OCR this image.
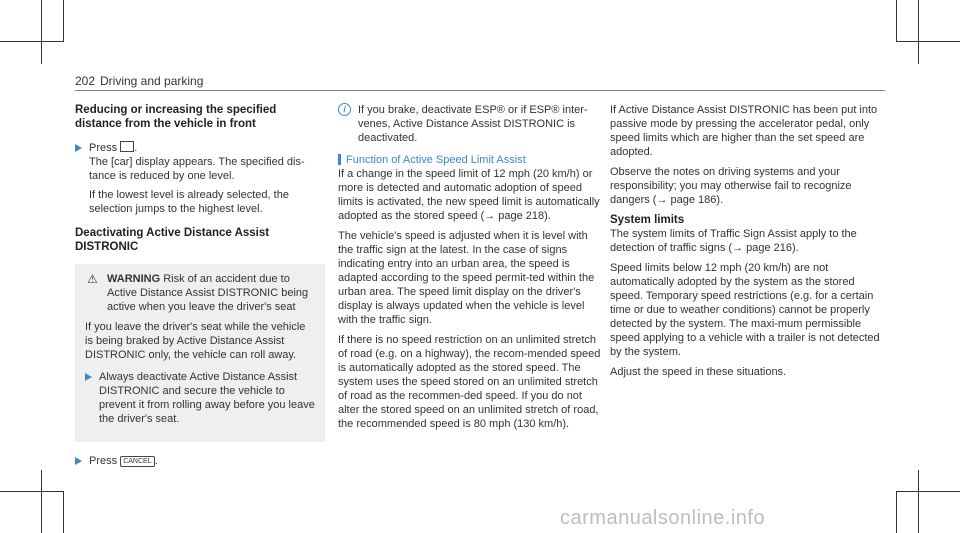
202 Driving and parking

Reducing or increasing the specified distance from the vehicle in front

Press .
The [car] display appears. The specified dis-tance is reduced by one level.
If the lowest level is already selected, the selection jumps to the highest level.

Deactivating Active Distance Assist DISTRONIC

⚠ WARNING Risk of an accident due to Active Distance Assist DISTRONIC being active when you leave the driver's seat

If you leave the driver's seat while the vehicle is being braked by Active Distance Assist DISTRONIC only, the vehicle can roll away.

Always deactivate Active Distance Assist DISTRONIC and secure the vehicle to prevent it from rolling away before you leave the driver's seat.
Press CANCEL .
i	If you brake, deactivate ESP® or if ESP® inter-venes, Active Distance Assist DISTRONIC is deactivated.
Function of Active Speed Limit Assist

If a change in the speed limit of 12 mph (20 km/h) or more is detected and automatic adoption of speed limits is activated, the new speed limit is automatically adopted as the stored speed (→ page 218).

The vehicle's speed is adjusted when it is level with the traffic sign at the latest. In the case of signs indicating entry into an urban area, the speed is adapted according to the speed permit-ted within the urban area. The speed limit display on the driver's display is always updated when the vehicle is level with the traffic sign.

If there is no speed restriction on an unlimited stretch of road (e.g. on a highway), the recom-mended speed is automatically adopted as the stored speed. The system uses the speed stored on an unlimited stretch of road as the recommen-ded speed. If you do not alter the stored speed on an unlimited stretch of road, the recommended speed is 80 mph (130 km/h).

If Active Distance Assist DISTRONIC has been put into passive mode by pressing the accelerator pedal, only speed limits which are higher than the set speed are adopted.

Observe the notes on driving systems and your responsibility; you may otherwise fail to recognize dangers (→ page 186).

System limits

The system limits of Traffic Sign Assist apply to the detection of traffic signs (→ page 216).

Speed limits below 12 mph (20 km/h) are not automatically adopted by the system as the stored speed. Temporary speed restrictions (e.g. for a certain time or due to weather conditions) cannot be properly detected by the system. The maxi-mum permissible speed applying to a vehicle with a trailer is not detected by the system.

Adjust the speed in these situations.

carmanualsonline.info
